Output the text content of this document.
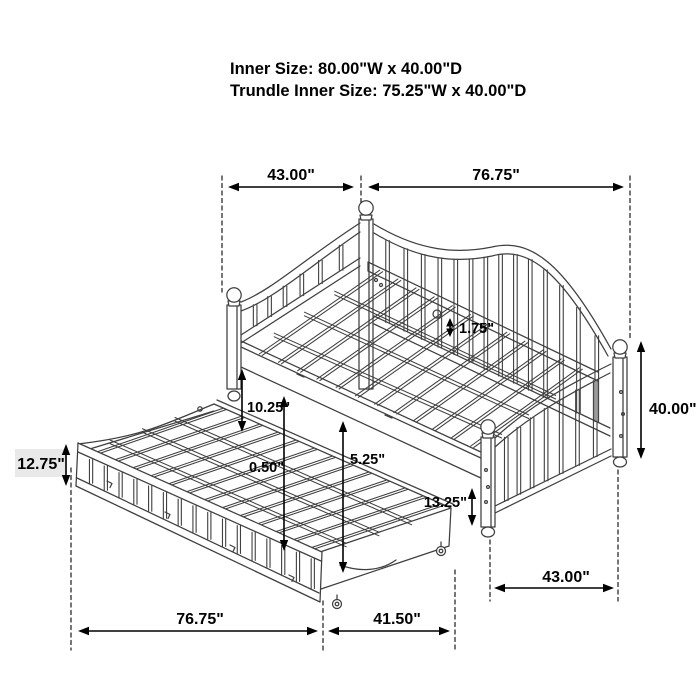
Inner Size: 80.00"W x 40.00"D
Trundle Inner Size: 75.25"W x 40.00"D
43.00"	76.75"
40.00"
1.75"
10.25"
0.50"	5.25"
13.25"
12.75"
43.00"
76.75"	41.50"
